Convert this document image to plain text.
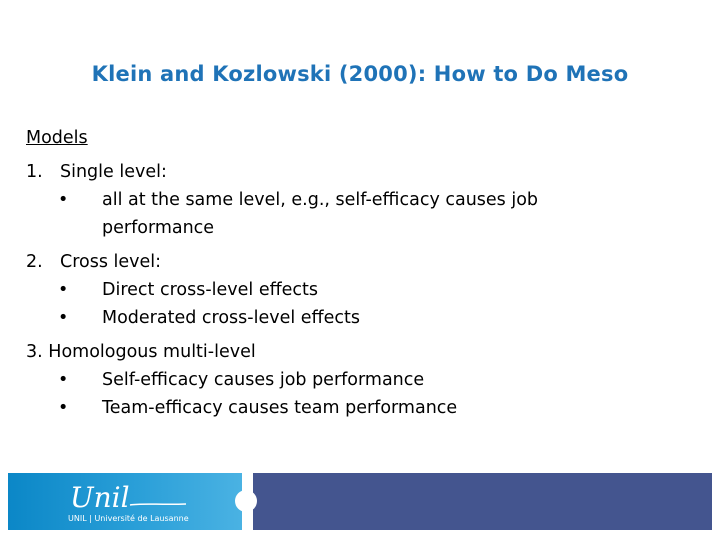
Klein and Kozlowski (2000): How to Do Meso
Models
1. Single level:
• all at the same level, e.g., self-efficacy causes job
performance
2. Cross level:
• Direct cross-level effects
• Moderated cross-level effects
3. Homologous multi-level
• Self-efficacy causes job performance
• Team-efficacy causes team performance
Unil
UNIL | Université de Lausanne
